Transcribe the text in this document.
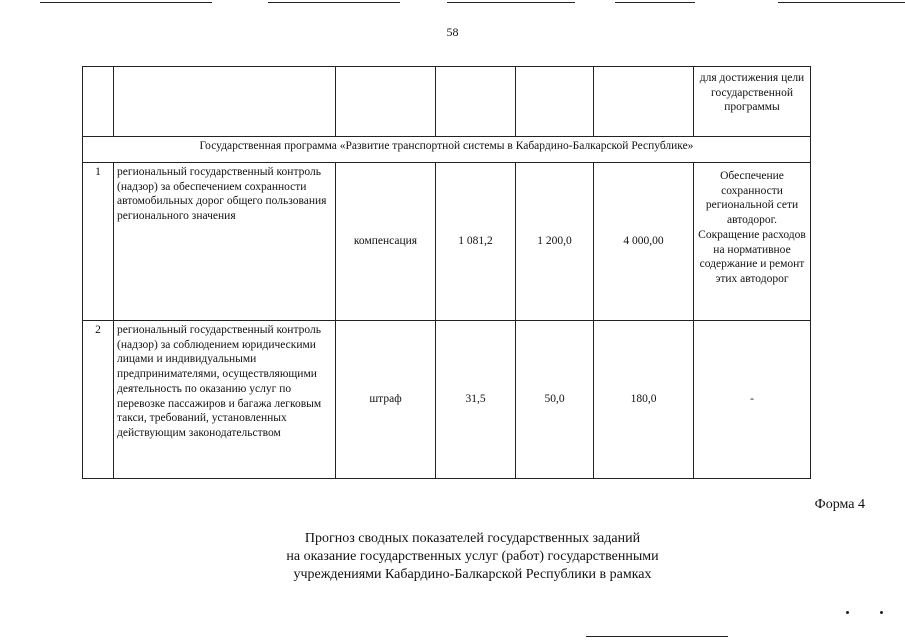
58
						для достижения цели государственной программы
Государственная программа «Развитие транспортной системы в Кабардино-Балкарской Республике»						
1	региональный государственный контроль (надзор) за обеспечением сохранности автомобильных дорог общего пользования регионального значения	компенсация	1 081,2	1 200,0	4 000,00	Обеспечение сохранности региональной сети автодорог. Сокращение расходов на нормативное содержание и ремонт этих автодорог
2	региональный государственный контроль (надзор) за соблюдением юридическими лицами и индивидуальными предпринимателями, осуществляющими деятельность по оказанию услуг по перевозке пассажиров и багажа легковым такси, требований, установленных действующим законодательством	штраф	31,5	50,0	180,0	-
Форма 4
Прогноз сводных показателей государственных заданий
на оказание государственных услуг (работ) государственными
учреждениями Кабардино-Балкарской Республики в рамках
